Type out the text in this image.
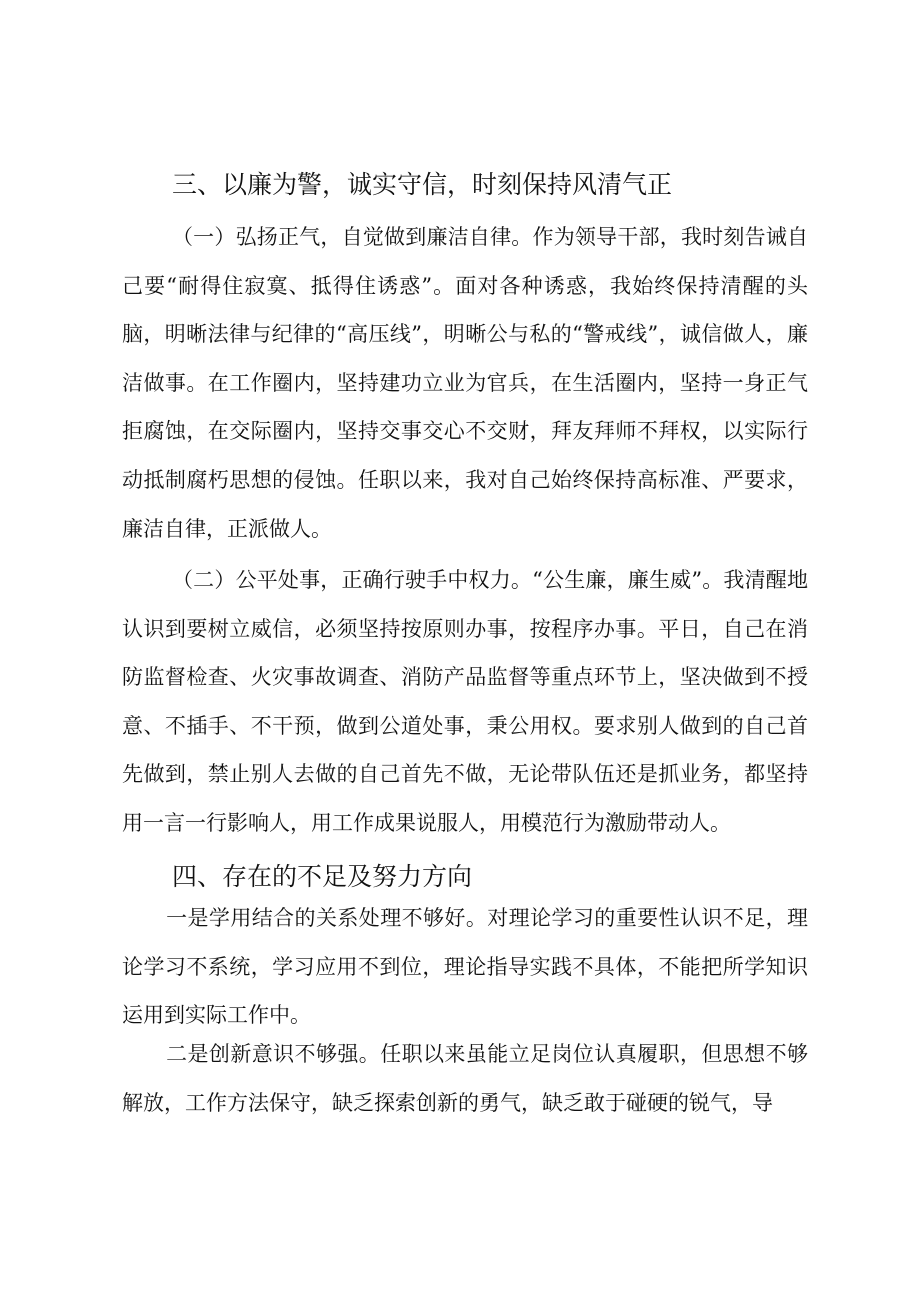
三、以廉为警，诚实守信，时刻保持风清气正

（一）弘扬正气，自觉做到廉洁自律。作为领导干部，我时刻告诫自己要“耐得住寂寞、抵得住诱惑”。面对各种诱惑，我始终保持清醒的头脑，明晰法律与纪律的“高压线”，明晰公与私的“警戒线”，诚信做人，廉洁做事。在工作圈内，坚持建功立业为官兵，在生活圈内，坚持一身正气拒腐蚀，在交际圈内，坚持交事交心不交财，拜友拜师不拜权，以实际行动抵制腐朽思想的侵蚀。任职以来，我对自己始终保持高标准、严要求，廉洁自律，正派做人。

（二）公平处事，正确行驶手中权力。“公生廉，廉生威”。我清醒地认识到要树立威信，必须坚持按原则办事，按程序办事。平日，自己在消防监督检查、火灾事故调查、消防产品监督等重点环节上，坚决做到不授意、不插手、不干预，做到公道处事，秉公用权。要求别人做到的自己首先做到，禁止别人去做的自己首先不做，无论带队伍还是抓业务，都坚持用一言一行影响人，用工作成果说服人，用模范行为激励带动人。

四、存在的不足及努力方向

一是学用结合的关系处理不够好。对理论学习的重要性认识不足，理论学习不系统，学习应用不到位，理论指导实践不具体，不能把所学知识运用到实际工作中。

二是创新意识不够强。任职以来虽能立足岗位认真履职，但思想不够解放，工作方法保守，缺乏探索创新的勇气，缺乏敢于碰硬的锐气，导
